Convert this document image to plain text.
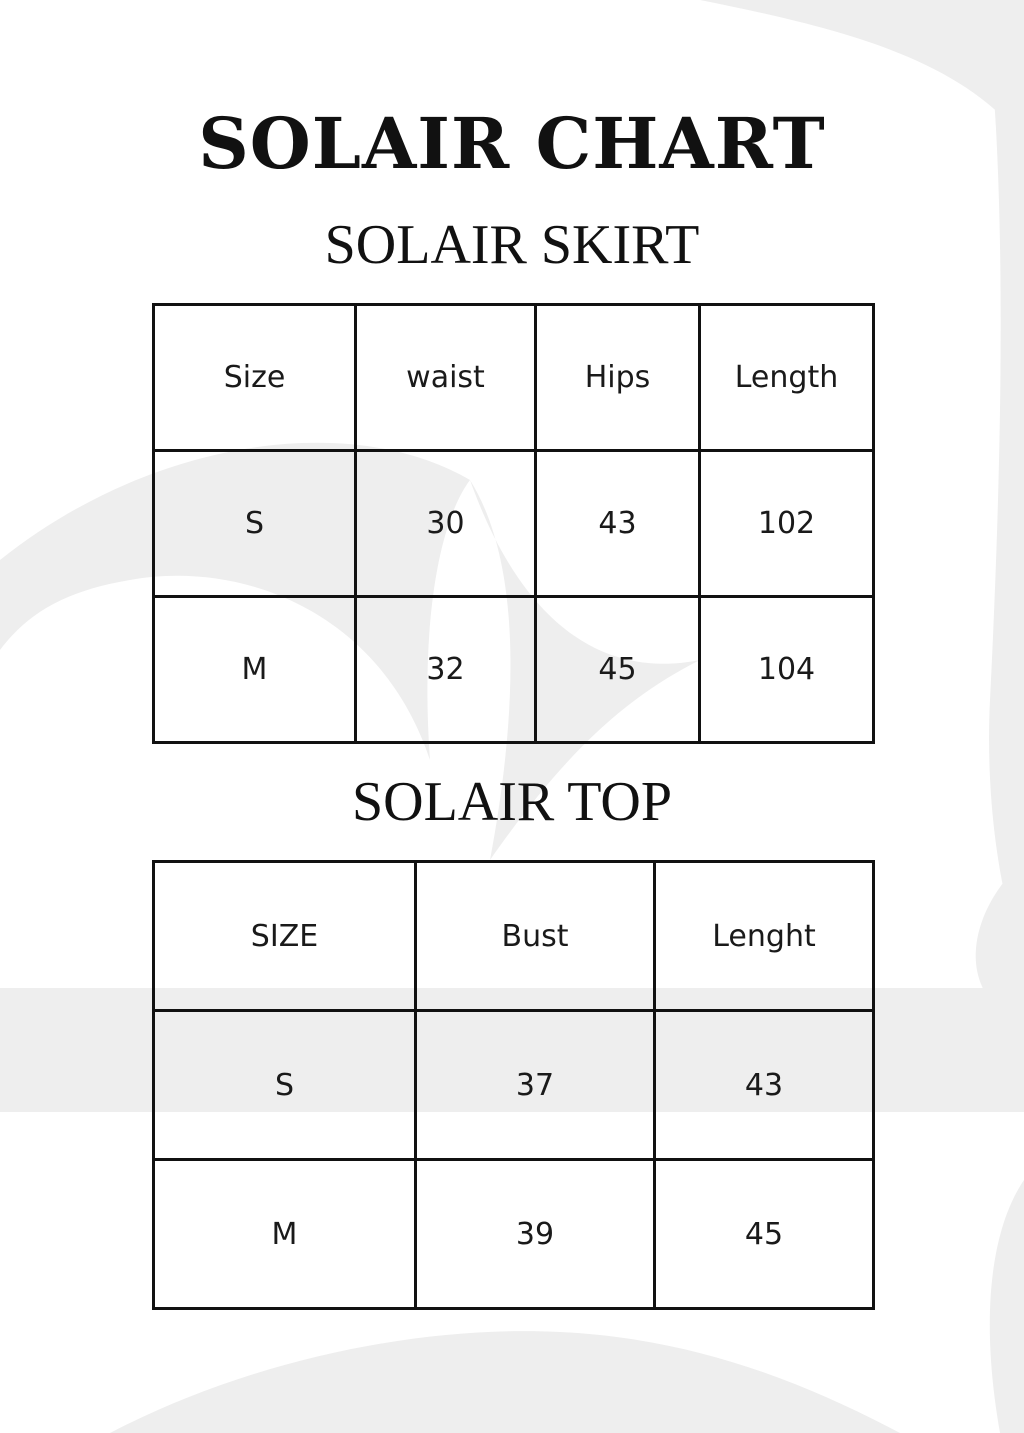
SOLAIR CHART
SOLAIR SKIRT
Size	waist	Hips	Length
S	30	43	102
M	32	45	104
SOLAIR TOP
SIZE	Bust	Lenght
S	37	43
M	39	45
